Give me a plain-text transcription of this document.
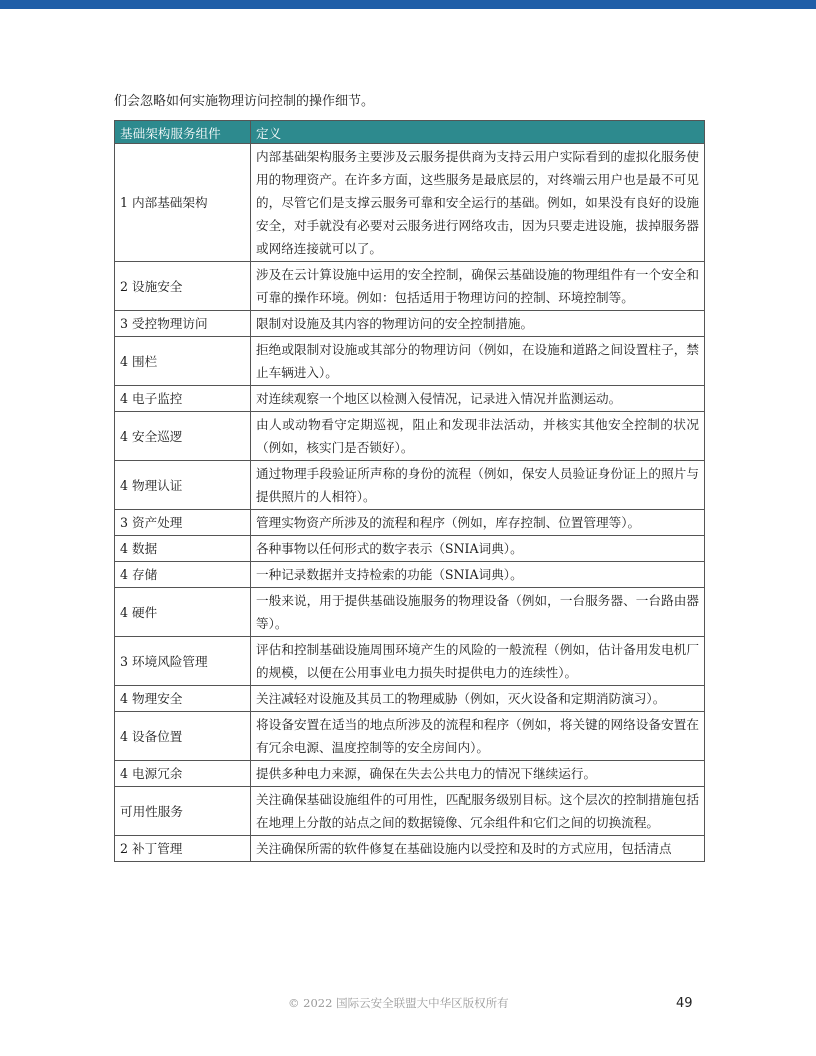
们会忽略如何实施物理访问控制的操作细节。

基础架构服务组件	定义
1 内部基础架构	内部基础架构服务主要涉及云服务提供商为支持云用户实际看到的虚拟化服务使用的物理资产。在许多方面，这些服务是最底层的，对终端云用户也是最不可见的，尽管它们是支撑云服务可靠和安全运行的基础。例如，如果没有良好的设施安全，对手就没有必要对云服务进行网络攻击，因为只要走进设施，拔掉服务器或网络连接就可以了。
2 设施安全	涉及在云计算设施中运用的安全控制，确保云基础设施的物理组件有一个安全和可靠的操作环境。例如：包括适用于物理访问的控制、环境控制等。
3 受控物理访问	限制对设施及其内容的物理访问的安全控制措施。
4 围栏	拒绝或限制对设施或其部分的物理访问（例如，在设施和道路之间设置柱子，禁止车辆进入）。
4 电子监控	对连续观察一个地区以检测入侵情况，记录进入情况并监测运动。
4 安全巡逻	由人或动物看守定期巡视，阻止和发现非法活动，并核实其他安全控制的状况（例如，核实门是否锁好）。
4 物理认证	通过物理手段验证所声称的身份的流程（例如，保安人员验证身份证上的照片与提供照片的人相符）。
3 资产处理	管理实物资产所涉及的流程和程序（例如，库存控制、位置管理等）。
4 数据	各种事物以任何形式的数字表示（SNIA词典）。
4 存储	一种记录数据并支持检索的功能（SNIA词典）。
4 硬件	一般来说，用于提供基础设施服务的物理设备（例如，一台服务器、一台路由器等）。
3 环境风险管理	评估和控制基础设施周围环境产生的风险的一般流程（例如，估计备用发电机厂的规模，以便在公用事业电力损失时提供电力的连续性）。
4 物理安全	关注减轻对设施及其员工的物理威胁（例如，灭火设备和定期消防演习）。
4 设备位置	将设备安置在适当的地点所涉及的流程和程序（例如，将关键的网络设备安置在有冗余电源、温度控制等的安全房间内）。
4 电源冗余	提供多种电力来源，确保在失去公共电力的情况下继续运行。
可用性服务	关注确保基础设施组件的可用性，匹配服务级别目标。这个层次的控制措施包括在地理上分散的站点之间的数据镜像、冗余组件和它们之间的切换流程。
2 补丁管理	关注确保所需的软件修复在基础设施内以受控和及时的方式应用，包括清点
© 2022 国际云安全联盟大中华区版权所有	49
